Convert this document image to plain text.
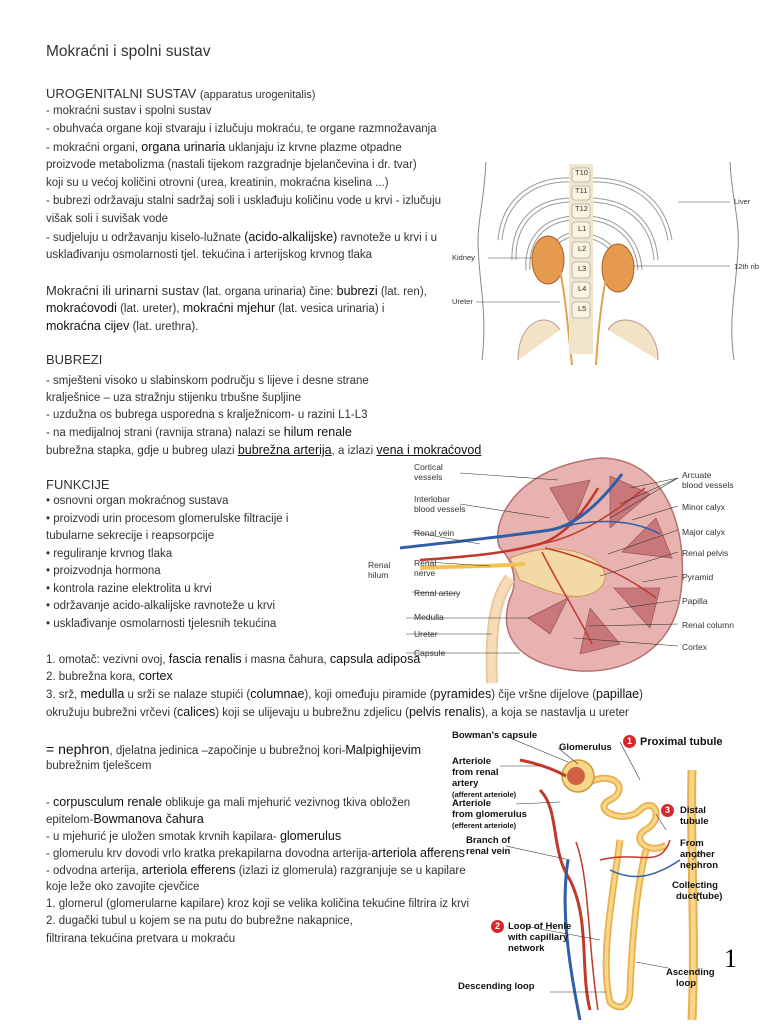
Mokraćni i spolni sustav
UROGENITALNI SUSTAV (apparatus urogenitalis)
- mokraćni sustav i spolni sustav
- obuhvaća organe koji stvaraju i izlučuju mokraću, te organe razmnožavanja
- mokraćni organi, organa urinaria uklanjaju iz krvne plazme otpadne
proizvode metabolizma (nastali tijekom razgradnje bjelančevina i dr. tvar)
koji su u većoj količini otrovni (urea, kreatinin, mokraćna kiselina ...)
- bubrezi održavaju stalni sadržaj soli i usklađuju količinu vode u krvi - izlučuju
višak soli i suvišak vode
- sudjeluju u održavanju kiselo-lužnate (acido-alkalijske) ravnoteže u krvi i u
usklađivanju osmolarnosti tjel. tekućina i arterijskog krvnog tlaka
Mokraćni ili urinarni sustav (lat. organa urinaria) čine: bubrezi (lat. ren),
mokraćovodi (lat. ureter), mokraćni mjehur (lat. vesica urinaria) i
mokraćna cijev (lat. urethra).
BUBREZI
- smješteni visoko u slabinskom području s lijeve i desne strane
kralješnice – uza stražnju stijenku trbušne šupljine
- uzdužna os bubrega usporedna s kralježnicom- u razini L1-L3
- na medijalnoj strani (ravnija strana) nalazi se hilum renale
bubrežna stapka, gdje u bubreg ulazi bubrežna arterija, a izlazi vena i mokraćovod
FUNKCIJE
• osnovni organ mokraćnog sustava
• proizvodi urin procesom glomerulske filtracije i
tubularne sekrecije i reapsorpcije
• reguliranje krvnog tlaka
• proizvodnja hormona
• kontrola razine elektrolita u krvi
• održavanje acido-alkalijske ravnoteže u krvi
• usklađivanje osmolarnosti tjelesnih tekućina
1. omotač: vezivni ovoj, fascia renalis i masna čahura, capsula adiposa
2. bubrežna kora, cortex
3. srž, medulla u srži se nalaze stupići (columnae), koji omeđuju piramide (pyramides) čije vršne dijelove (papillae)
okružuju bubrežni vrčevi (calices) koji se ulijevaju u bubrežnu zdjelicu (pelvis renalis), a koja se nastavlja u ureter
= nephron, djelatna jedinica –započinje u bubrežnoj kori-Malpighijevim
bubrežnim tjelešcem
- corpusculum renale oblikuje ga mali mjehurić vezivnog tkiva obložen
epitelom-Bowmanova čahura
- u mjehurić je uložen smotak krvnih kapilara- glomerulus
- glomerulu krv dovodi vrlo kratka prekapilarna dovodna arterija-arteriola afferens
- odvodna arterija, arteriola efferens (izlazi iz glomerula) razgranjuje se u kapilare
koje leže oko zavojite cjevčice
1. glomerul (glomerularne kapilare) kroz koji se velika količina tekućine filtrira iz krvi
2. dugački tubul u kojem se na putu do bubrežne nakapnice,
filtrirana tekućina pretvara u mokraću
T10
T11
T12
L1
L2
L3
L4
L5
Liver
Kidney
12th rib
Ureter
Cortical
vessels
Interlobar
blood vessels
Arcuate
blood vessels
Minor calyx
Major calyx
Renal vein
Renal
hilum
Renal
nerve
Renal pelvis
Pyramid
Renal artery
Papilla
Medulla
Renal column
Ureter
Cortex
Capsule
Bowman's capsule
Glomerulus
1 Proximal tubule
Arteriole
from renal
artery
(afferent arteriole)
Arteriole
from glomerulus
(efferent arteriole)
3	Distal
tubule
Branch of
renal vein
From
another
nephron
Collecting
duct(tube)
2 Loop of Henle
with capillary
network
Descending loop
Ascending
loop
1
